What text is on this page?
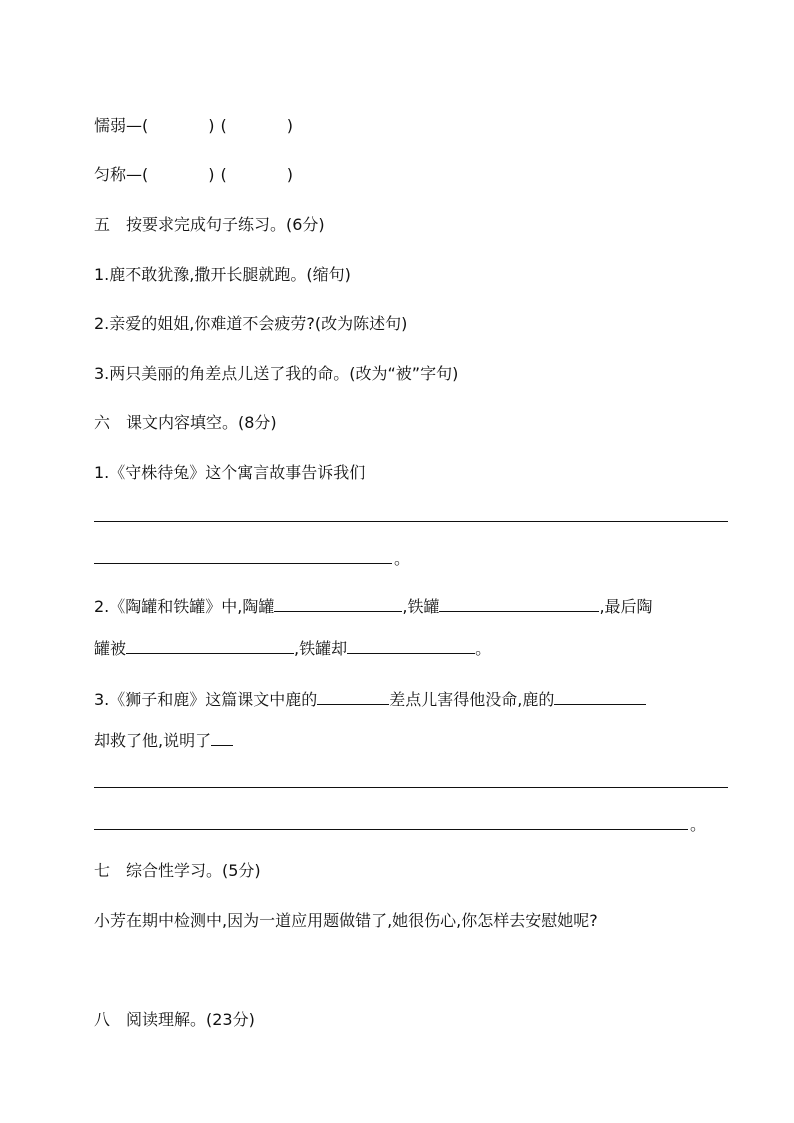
懦弱—(	) (	)
匀称—(	) (	)
五　按要求完成句子练习。(6分)
1.鹿不敢犹豫,撒开长腿就跑。(缩句)
2.亲爱的姐姐,你难道不会疲劳?(改为陈述句)
3.两只美丽的角差点儿送了我的命。(改为“被”字句)
六　课文内容填空。(8分)
1.《守株待兔》这个寓言故事告诉我们
。
2.《陶罐和铁罐》中,陶罐	,铁罐	,最后陶
罐被	,铁罐却	。
3.《狮子和鹿》这篇课文中鹿的	差点儿害得他没命,鹿的
却救了他,说明了
。
七　综合性学习。(5分)
小芳在期中检测中,因为一道应用题做错了,她很伤心,你怎样去安慰她呢?
八　阅读理解。(23分)
